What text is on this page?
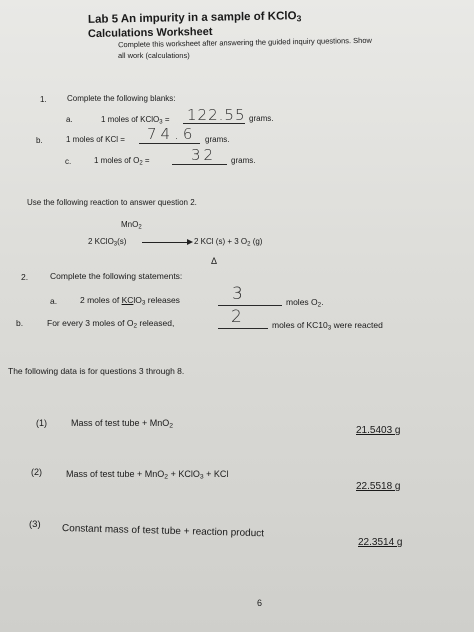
Lab 5 An impurity in a sample of KClO$_3$
Calculations Worksheet
Complete this worksheet after answering the guided inquiry questions. Show
all work (calculations)
1.	Complete the following blanks:
a.	1 moles of KClO$_3$ = 122.55 grams.
b.	1 moles of KCl = 74.6 grams.
c.	1 moles of $O_2$ =	32 grams.
Use the following reaction to answer question 2.
MnO$_2$
2 KClO$_3$(s)	2 KCl (s) + 3 $O_2$ (g)
Δ
2.	Complete the following statements:
a.	2 moles of KClO$_3$ releases	3	moles $O_2$.
b.	For every 3 moles of $O_2$ released,	2	moles of $KC10_3$ were reacted
The following data is for questions 3 through 8.
(1)	Mass of test tube + MnO$_2$	21.5403 g
(2)	Mass of test tube + MnO$_2$ + KClO$_3$ + KCl
22.5518 g
(3) Constant mass of test tube + reaction product
22.3514 g
6
